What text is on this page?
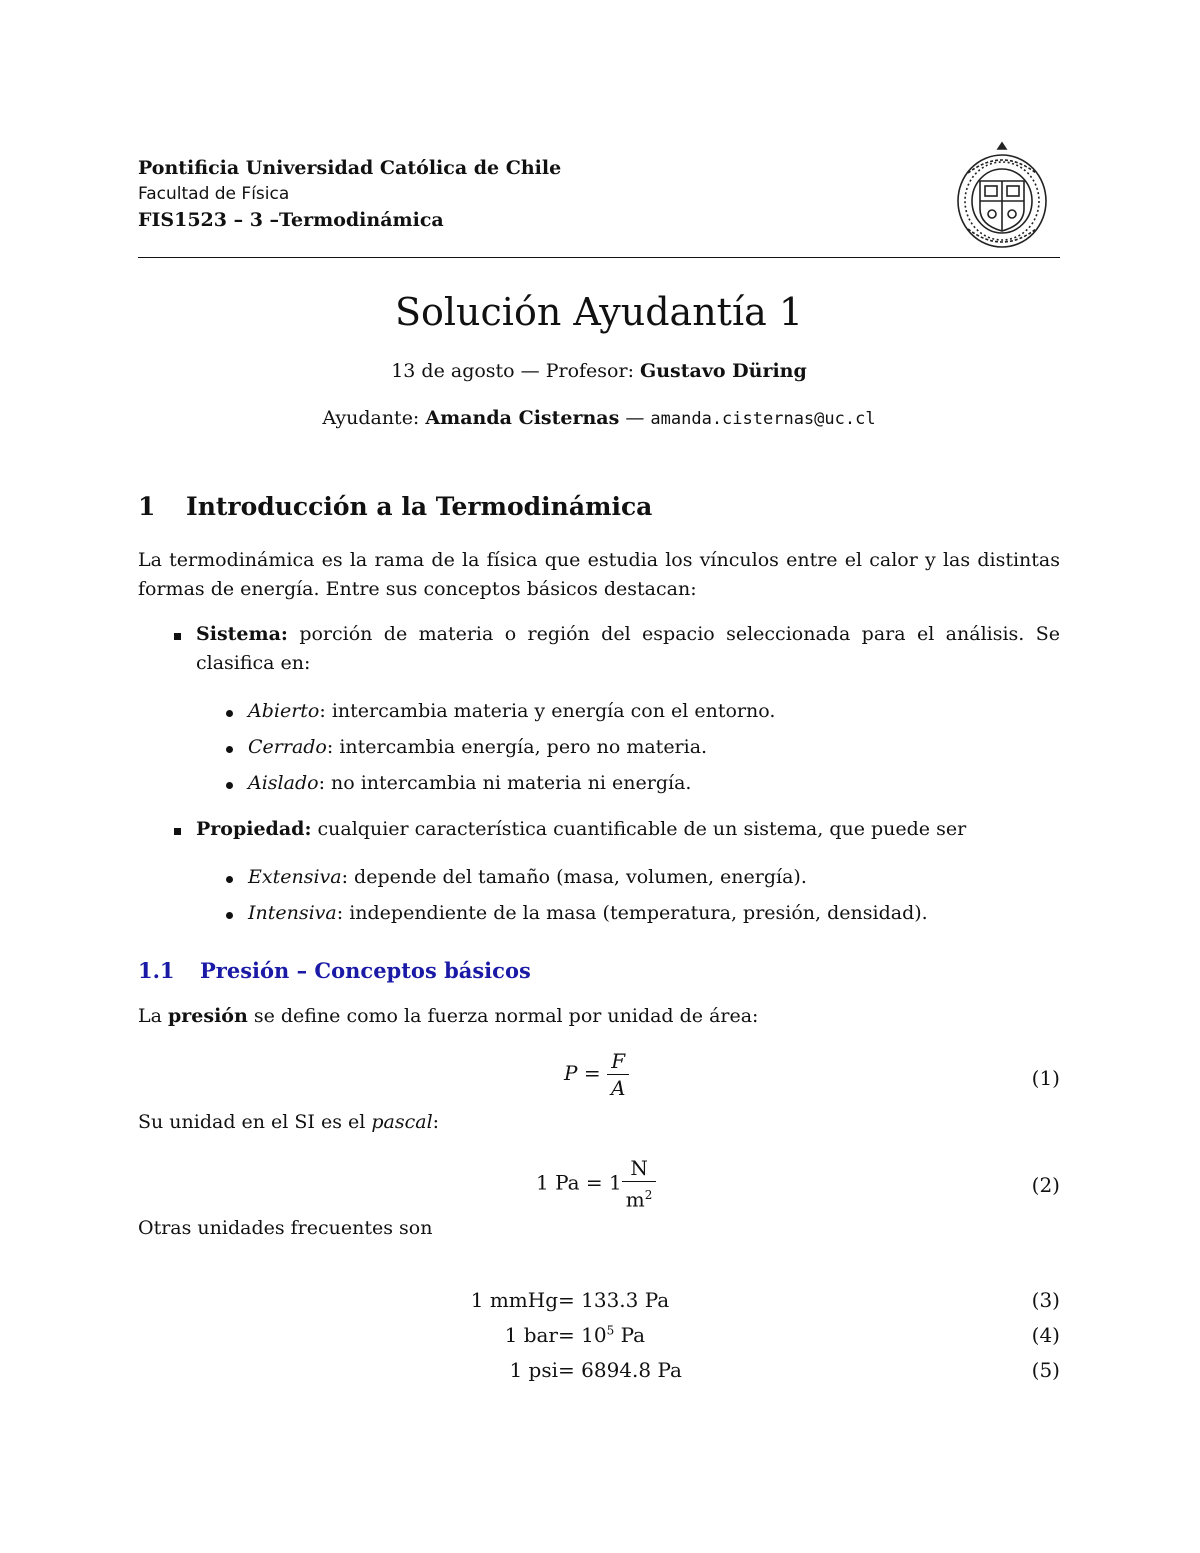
Pontificia Universidad Católica de Chile
Facultad de Física
FIS1523 – 3 –Termodinámica
Solución Ayudantía 1
13 de agosto — Profesor: Gustavo Düring
Ayudante: Amanda Cisternas — amanda.cisternas@uc.cl
1 Introducción a la Termodinámica
La termodinámica es la rama de la física que estudia los vínculos entre el calor y las distintas formas de energía. Entre sus conceptos básicos destacan:
Sistema: porción de materia o región del espacio seleccionada para el análisis. Se clasifica en:
Abierto: intercambia materia y energía con el entorno.
Cerrado: intercambia energía, pero no materia.
Aislado: no intercambia ni materia ni energía.
Propiedad: cualquier característica cuantificable de un sistema, que puede ser
Extensiva: depende del tamaño (masa, volumen, energía).
Intensiva: independiente de la masa (temperatura, presión, densidad).
1.1 Presión – Conceptos básicos
La presión se define como la fuerza normal por unidad de área:
$P = \frac{F}{A}$	(1)
Su unidad en el SI es el pascal:
1 $Pa = 1 \frac{N}{m^2}$	(2)
Otras unidades frecuentes son
1 mmHg = 133.3 Pa	(3)
1 bar = $10^5$ Pa	(4)
1 psi = 6894.8 Pa	(5)
